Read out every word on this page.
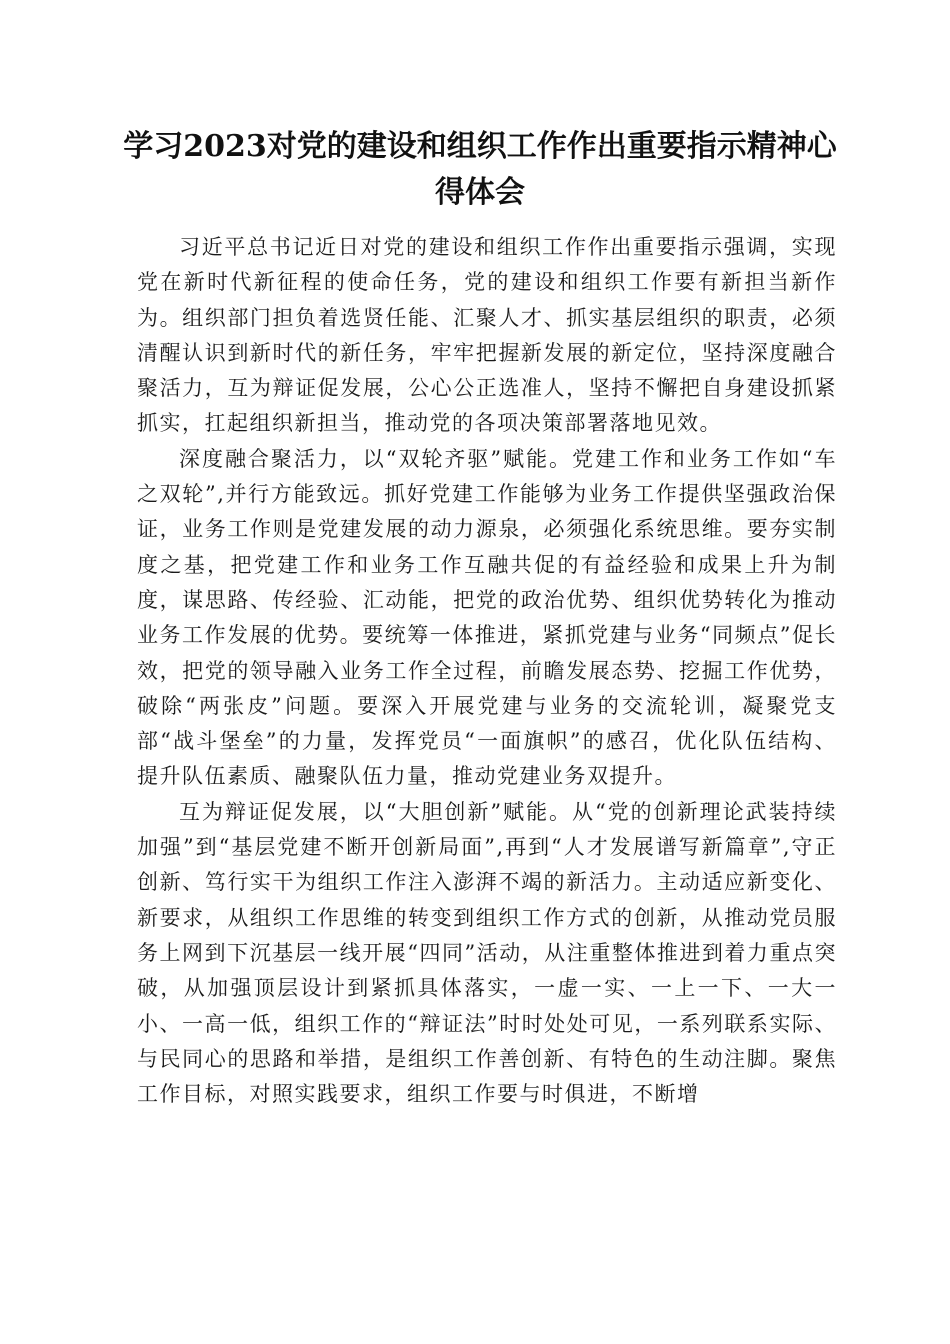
学习2023对党的建设和组织工作作出重要指示精神心得体会

习近平总书记近日对党的建设和组织工作作出重要指示强调，实现党在新时代新征程的使命任务，党的建设和组织工作要有新担当新作为。组织部门担负着选贤任能、汇聚人才、抓实基层组织的职责，必须清醒认识到新时代的新任务，牢牢把握新发展的新定位，坚持深度融合聚活力，互为辩证促发展，公心公正选准人，坚持不懈把自身建设抓紧抓实，扛起组织新担当，推动党的各项决策部署落地见效。

深度融合聚活力，以“双轮齐驱”赋能。党建工作和业务工作如“车之双轮”,并行方能致远。抓好党建工作能够为业务工作提供坚强政治保证，业务工作则是党建发展的动力源泉，必须强化系统思维。要夯实制度之基，把党建工作和业务工作互融共促的有益经验和成果上升为制度，谋思路、传经验、汇动能，把党的政治优势、组织优势转化为推动业务工作发展的优势。要统筹一体推进，紧抓党建与业务“同频点”促长效，把党的领导融入业务工作全过程，前瞻发展态势、挖掘工作优势，破除“两张皮”问题。要深入开展党建与业务的交流轮训，凝聚党支部“战斗堡垒”的力量，发挥党员“一面旗帜”的感召，优化队伍结构、提升队伍素质、融聚队伍力量，推动党建业务双提升。

互为辩证促发展，以“大胆创新”赋能。从“党的创新理论武装持续加强”到“基层党建不断开创新局面”,再到“人才发展谱写新篇章”,守正创新、笃行实干为组织工作注入澎湃不竭的新活力。主动适应新变化、新要求，从组织工作思维的转变到组织工作方式的创新，从推动党员服务上网到下沉基层一线开展“四同”活动，从注重整体推进到着力重点突破，从加强顶层设计到紧抓具体落实，一虚一实、一上一下、一大一小、一高一低，组织工作的“辩证法”时时处处可见，一系列联系实际、与民同心的思路和举措，是组织工作善创新、有特色的生动注脚。聚焦工作目标，对照实践要求，组织工作要与时俱进，不断增
